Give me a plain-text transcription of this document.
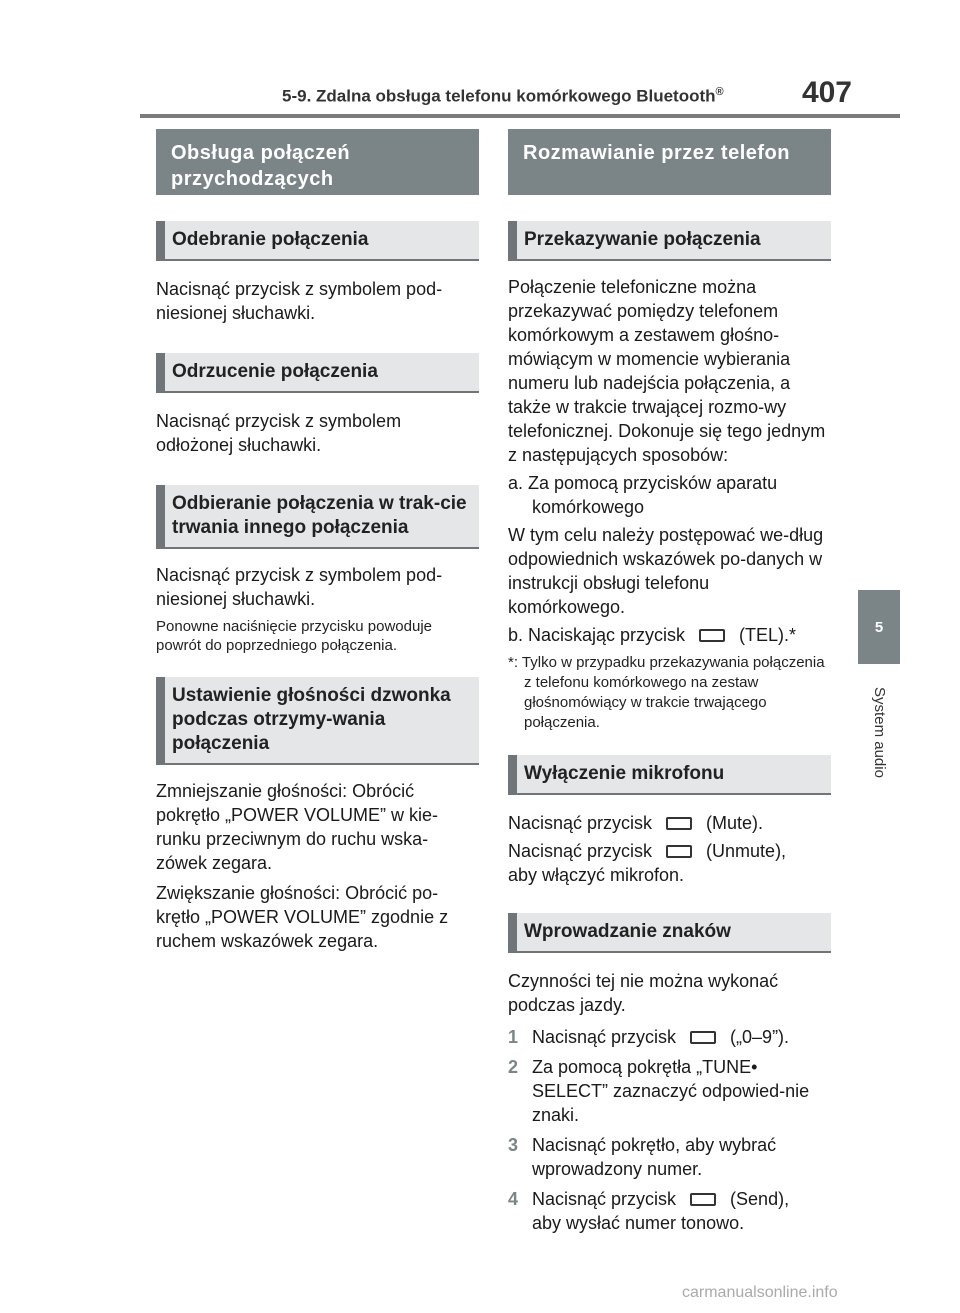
5-9. Zdalna obsługa telefonu komórkowego Bluetooth®	407
5
System audio
Obsługa połączeń przychodzących
Odebranie połączenia

Nacisnąć przycisk z symbolem pod-niesionej słuchawki.

Odrzucenie połączenia

Nacisnąć przycisk z symbolem odłożonej słuchawki.

Odbieranie połączenia w trak-cie trwania innego połączenia

Nacisnąć przycisk z symbolem pod-niesionej słuchawki.

Ponowne naciśnięcie przycisku powoduje powrót do poprzedniego połączenia.

Ustawienie głośności dzwonka podczas otrzymy-wania połączenia

Zmniejszanie głośności: Obrócić pokrętło „POWER VOLUME” w kie-runku przeciwnym do ruchu wska-zówek zegara.

Zwiększanie głośności: Obrócić po-krętło „POWER VOLUME” zgodnie z ruchem wskazówek zegara.

Rozmawianie przez telefon
Przekazywanie połączenia

Połączenie telefoniczne można przekazywać pomiędzy telefonem komórkowym a zestawem głośno-mówiącym w momencie wybierania numeru lub nadejścia połączenia, a także w trakcie trwającej rozmo-wy telefonicznej. Dokonuje się tego jednym z następujących sposobów:

a. Za pomocą przycisków aparatu komórkowego

W tym celu należy postępować we-dług odpowiednich wskazówek po-danych w instrukcji obsługi telefonu komórkowego.

b. Naciskając przycisk	(TEL).*

*: Tylko w przypadku przekazywania połączenia z telefonu komórkowego na zestaw głośnomówiący w trakcie trwającego połączenia.

Wyłączenie mikrofonu

Nacisnąć przycisk	(Mute).

Nacisnąć przycisk	(Unmute),
aby włączyć mikrofon.

Wprowadzanie znaków

Czynności tej nie można wykonać podczas jazdy.

1 Nacisnąć przycisk	(„0–9”).
2 Za pomocą pokrętła „TUNE• SELECT” zaznaczyć odpowied-nie znaki.
3 Nacisnąć pokrętło, aby wybrać wprowadzony numer.
4 Nacisnąć przycisk	(Send),
aby wysłać numer tonowo.
carmanualsonline.info
